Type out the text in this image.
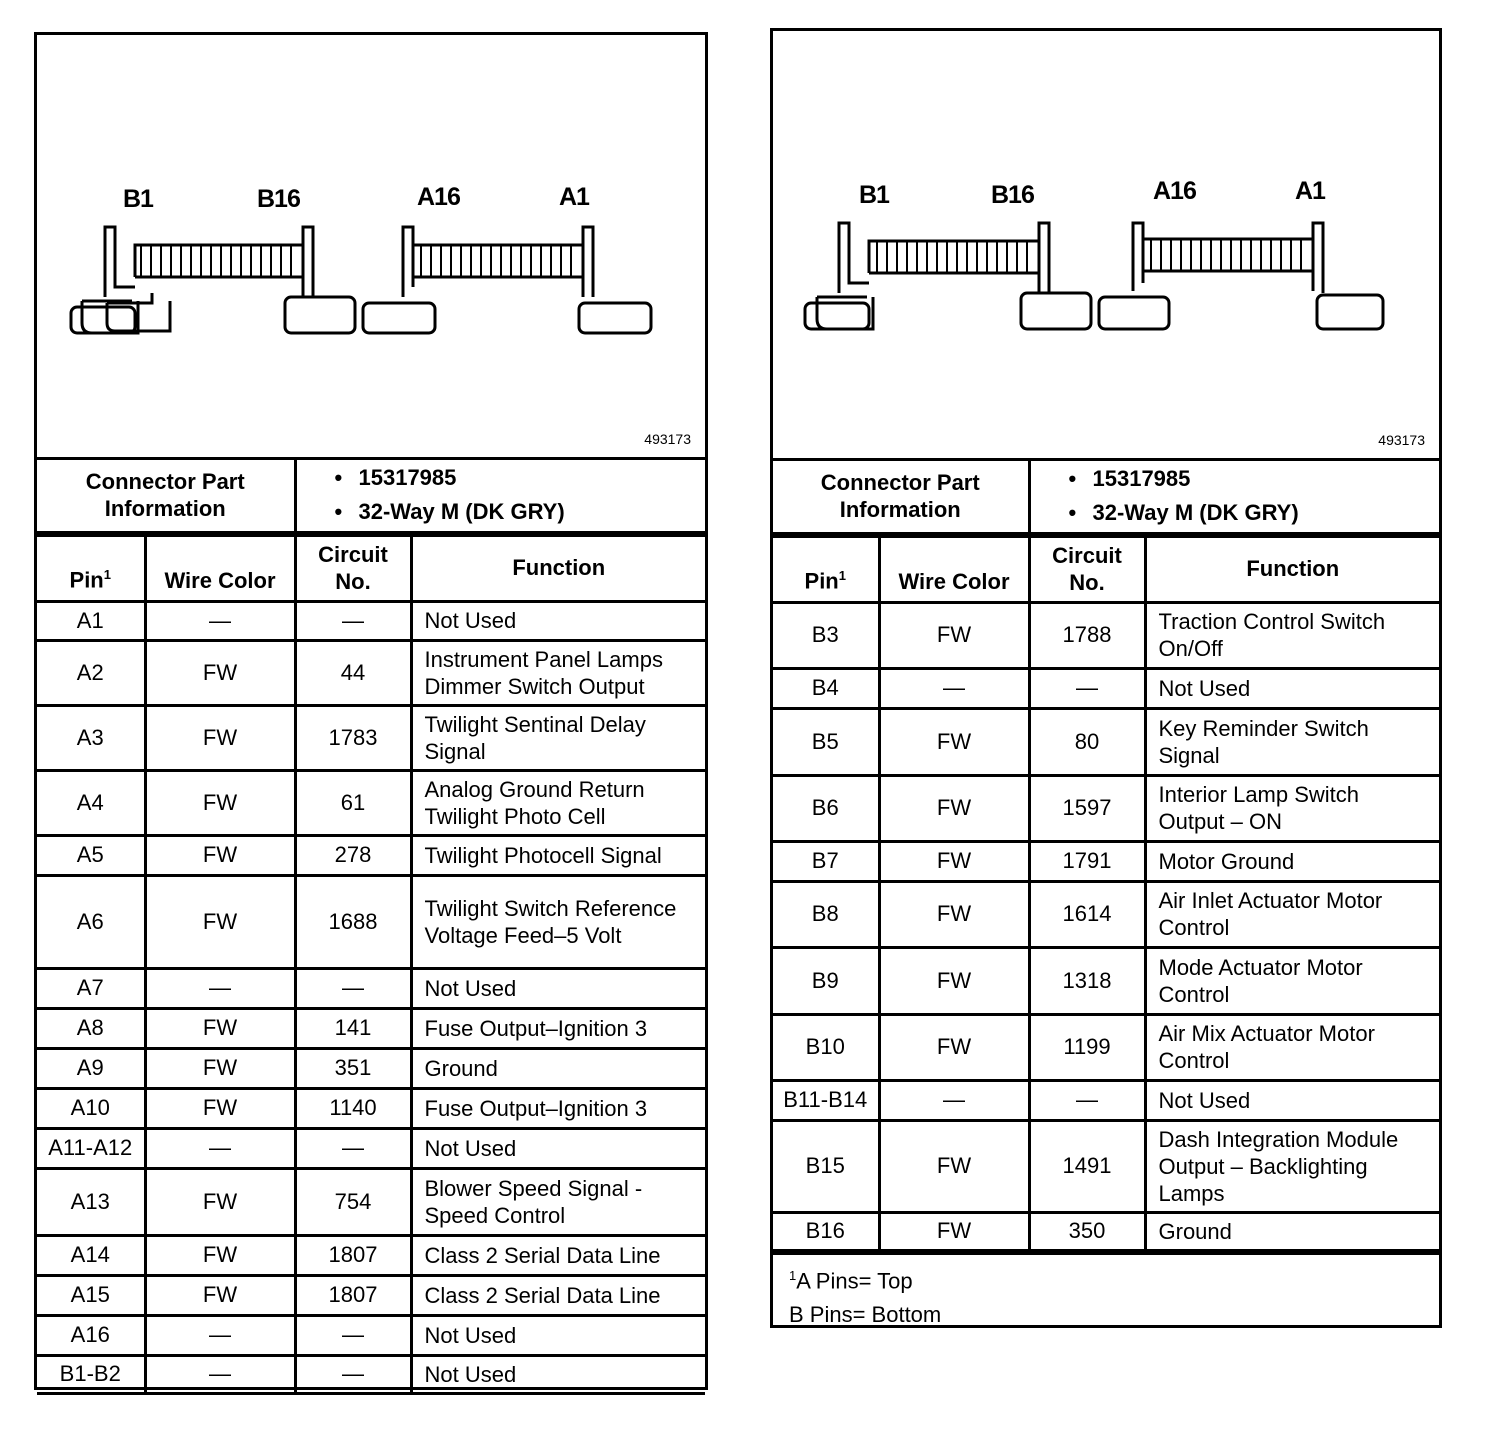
B1	B16	A16	A1
493173
Connector Part Information	
• 15317985
• 32-Way M (DK GRY)
Pin$^1$	Wire Color	Circuit No.	Function
A1	—	—	Not Used
A2	FW	44	Instrument Panel Lamps Dimmer Switch Output
A3	FW	1783	Twilight Sentinal Delay Signal
A4	FW	61	Analog Ground Return Twilight Photo Cell
A5	FW	278	Twilight Photocell Signal
A6	FW	1688	Twilight Switch Reference Voltage Feed–5 Volt
A7	—	—	Not Used
A8	FW	141	Fuse Output–Ignition 3
A9	FW	351	Ground
A10	FW	1140	Fuse Output–Ignition 3
A11-A12	—	—	Not Used
A13	FW	754	Blower Speed Signal - Speed Control
A14	FW	1807	Class 2 Serial Data Line
A15	FW	1807	Class 2 Serial Data Line
A16	—	—	Not Used
B1-B2	—	—	Not Used
B1	B16	A16	A1
493173
Connector Part Information	
• 15317985
• 32-Way M (DK GRY)
Pin$^1$	Wire Color	Circuit No.	Function
B3	FW	1788	Traction Control Switch On/Off
B4	—	—	Not Used
B5	FW	80	Key Reminder Switch Signal
B6	FW	1597	Interior Lamp Switch Output – ON
B7	FW	1791	Motor Ground
B8	FW	1614	Air Inlet Actuator Motor Control
B9	FW	1318	Mode Actuator Motor Control
B10	FW	1199	Air Mix Actuator Motor Control
B11-B14	—	—	Not Used
B15	FW	1491	Dash Integration Module Output – Backlighting Lamps
B16	FW	350	Ground
$^1$A Pins= Top
B Pins= Bottom
